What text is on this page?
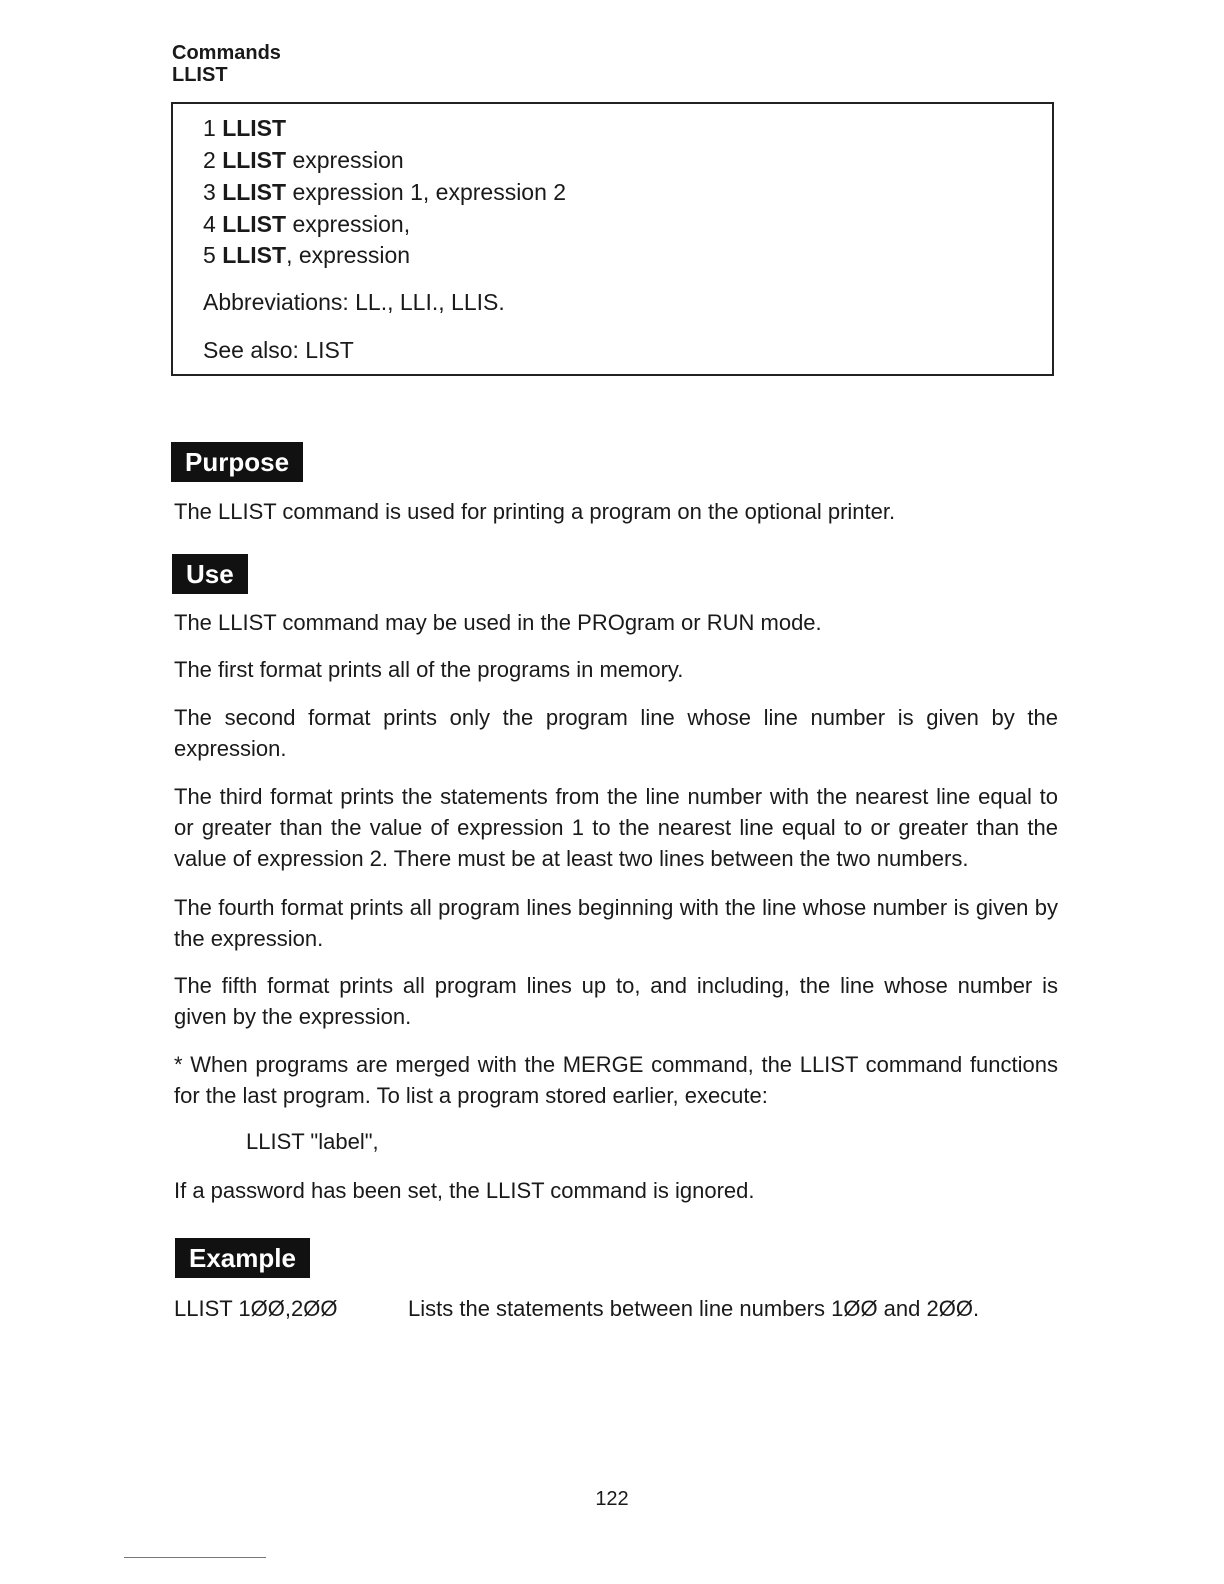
Commands
LLIST
1 LLIST
2 LLIST expression
3 LLIST expression 1, expression 2
4 LLIST expression,
5 LLIST, expression
Abbreviations: LL., LLI., LLIS.
See also: LIST
Purpose
The LLIST command is used for printing a program on the optional printer.
Use
The LLIST command may be used in the PROgram or RUN mode.
The first format prints all of the programs in memory.
The second format prints only the program line whose line number is given by the expression.
The third format prints the statements from the line number with the nearest line equal to or greater than the value of expression 1 to the nearest line equal to or greater than the value of expression 2. There must be at least two lines between the two numbers.
The fourth format prints all program lines beginning with the line whose number is given by the expression.
The fifth format prints all program lines up to, and including, the line whose number is given by the expression.
* When programs are merged with the MERGE command, the LLIST command functions for the last program. To list a program stored earlier, execute:
LLIST "label",
If a password has been set, the LLIST command is ignored.
Example
LLIST 1ØØ,2ØØ	Lists the statements between line numbers 1ØØ and 2ØØ.
122
